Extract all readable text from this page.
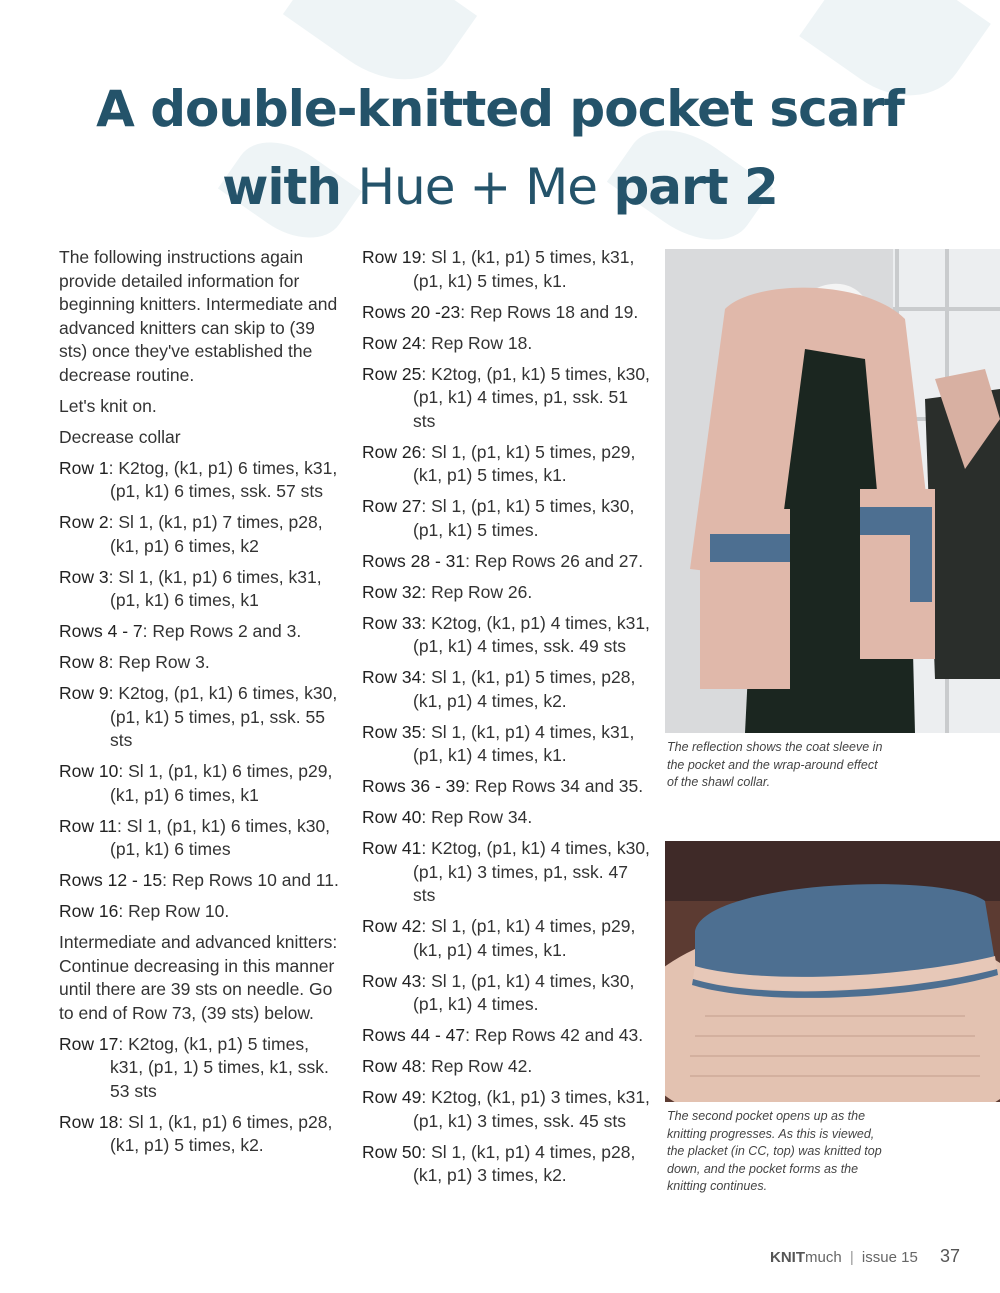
A double-knitted pocket scarf
with Hue + Me part 2

The following instructions again provide detailed information for beginning knitters. Intermediate and advanced knitters can skip to (39 sts) once they've established the decrease routine.

Let's knit on.

Decrease collar

Row 1: K2tog, (k1, p1) 6 times, k31, (p1, k1) 6 times, ssk. 57 sts

Row 2: Sl 1, (k1, p1) 7 times, p28, (k1, p1) 6 times, k2

Row 3: Sl 1, (k1, p1) 6 times, k31, (p1, k1) 6 times, k1

Rows 4 - 7: Rep Rows 2 and 3.

Row 8: Rep Row 3.

Row 9: K2tog, (p1, k1) 6 times, k30, (p1, k1) 5 times, p1, ssk. 55 sts

Row 10: Sl 1, (p1, k1) 6 times, p29, (k1, p1) 6 times, k1

Row 11: Sl 1, (p1, k1) 6 times, k30, (p1, k1) 6 times

Rows 12 - 15: Rep Rows 10 and 11.

Row 16: Rep Row 10.

Intermediate and advanced knitters: Continue decreasing in this manner until there are 39 sts on needle. Go to end of Row 73, (39 sts) below.

Row 17: K2tog, (k1, p1) 5 times, k31, (p1, 1) 5 times, k1, ssk. 53 sts

Row 18: Sl 1, (k1, p1) 6 times, p28, (k1, p1) 5 times, k2.

Row 19: Sl 1, (k1, p1) 5 times, k31, (p1, k1) 5 times, k1.

Rows 20 -23: Rep Rows 18 and 19.

Row 24: Rep Row 18.

Row 25: K2tog, (p1, k1) 5 times, k30, (p1, k1) 4 times, p1, ssk. 51 sts

Row 26: Sl 1, (p1, k1) 5 times, p29, (k1, p1) 5 times, k1.

Row 27: Sl 1, (p1, k1) 5 times, k30, (p1, k1) 5 times.

Rows 28 - 31: Rep Rows 26 and 27.

Row 32: Rep Row 26.

Row 33: K2tog, (k1, p1) 4 times, k31, (p1, k1) 4 times, ssk. 49 sts

Row 34: Sl 1, (k1, p1) 5 times, p28, (k1, p1) 4 times, k2.

Row 35: Sl 1, (k1, p1) 4 times, k31, (p1, k1) 4 times, k1.

Rows 36 - 39: Rep Rows 34 and 35.

Row 40: Rep Row 34.

Row 41: K2tog, (p1, k1) 4 times, k30, (p1, k1) 3 times, p1, ssk. 47 sts

Row 42: Sl 1, (p1, k1) 4 times, p29, (k1, p1) 4 times, k1.

Row 43: Sl 1, (p1, k1) 4 times, k30, (p1, k1) 4 times.

Rows 44 - 47: Rep Rows 42 and 43.

Row 48: Rep Row 42.

Row 49: K2tog, (k1, p1) 3 times, k31, (p1, k1) 3 times, ssk. 45 sts

Row 50: Sl 1, (k1, p1) 4 times, p28, (k1, p1) 3 times, k2.

The reflection shows the coat sleeve in the pocket and the wrap-around effect of the shawl collar.
The second pocket opens up as the knitting progresses. As this is viewed, the placket (in CC, top) was knitted top down, and the pocket forms as the knitting continues.
KNITmuch | issue 15 37
